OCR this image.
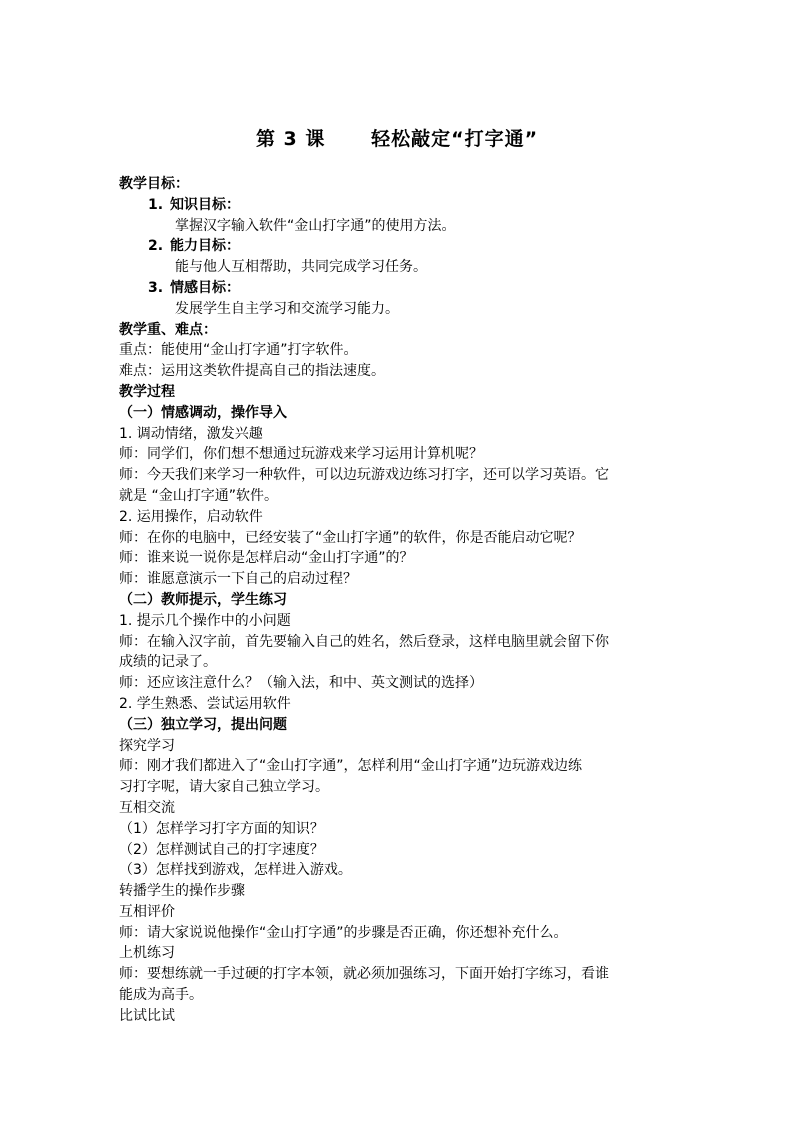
第 3 课      轻松敲定“打字通”
教学目标：
1. 知识目标：
掌握汉字输入软件“金山打字通”的使用方法。
2. 能力目标：
能与他人互相帮助，共同完成学习任务。
3. 情感目标：
发展学生自主学习和交流学习能力。
教学重、难点：
重点：能使用“金山打字通”打字软件。
难点：运用这类软件提高自己的指法速度。
教学过程
（一）情感调动，操作导入
1. 调动情绪，激发兴趣
师：同学们，你们想不想通过玩游戏来学习运用计算机呢？
师：今天我们来学习一种软件，可以边玩游戏边练习打字，还可以学习英语。它
就是 “金山打字通”软件。
2. 运用操作，启动软件
师：在你的电脑中，已经安装了“金山打字通”的软件，你是否能启动它呢？
师：谁来说一说你是怎样启动“金山打字通”的？
师：谁愿意演示一下自己的启动过程？
（二）教师提示，学生练习
1. 提示几个操作中的小问题
师：在输入汉字前，首先要输入自己的姓名，然后登录，这样电脑里就会留下你
成绩的记录了。
师：还应该注意什么？（输入法，和中、英文测试的选择）
2. 学生熟悉、尝试运用软件
（三）独立学习，提出问题
探究学习
师：刚才我们都进入了“金山打字通”，怎样利用“金山打字通”边玩游戏边练
习打字呢，请大家自己独立学习。
互相交流
（1）怎样学习打字方面的知识？
（2）怎样测试自己的打字速度？
（3）怎样找到游戏，怎样进入游戏。
转播学生的操作步骤
互相评价
师：请大家说说他操作“金山打字通”的步骤是否正确，你还想补充什么。
上机练习
师：要想练就一手过硬的打字本领，就必须加强练习，下面开始打字练习，看谁
能成为高手。
比试比试
